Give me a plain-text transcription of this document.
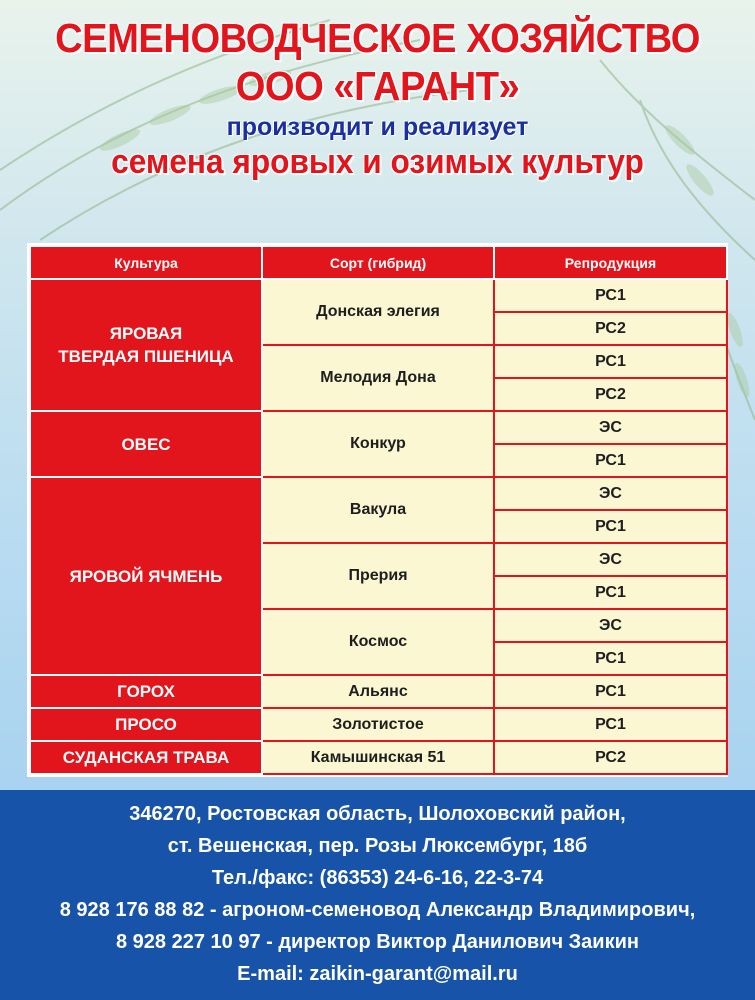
СЕМЕНОВОДЧЕСКОЕ ХОЗЯЙСТВО
ООО «ГАРАНТ»
производит и реализует
семена яровых и озимых культур
Культура	Сорт (гибрид)	Репродукция
ЯРОВАЯ
ТВЕРДАЯ ПШЕНИЦА	Донская элегия	РС1
		РС2
	Мелодия Дона	РС1
		РС2
ОВЕС	Конкур	ЭС
		РС1
ЯРОВОЙ ЯЧМЕНЬ	Вакула	ЭС
		РС1
	Прерия	ЭС
		РС1
	Космос	ЭС
		РС1
ГОРОХ	Альянс	РС1
ПРОСО	Золотистое	РС1
СУДАНСКАЯ ТРАВА	Камышинская 51	РС2
346270, Ростовская область, Шолоховский район,
ст. Вешенская, пер. Розы Люксембург, 18б
Тел./факс: (86353) 24-6-16, 22-3-74
8 928 176 88 82 - агроном-семеновод Александр Владимирович,
8 928 227 10 97 - директор Виктор Данилович Заикин
E-mail: zaikin-garant@mail.ru
